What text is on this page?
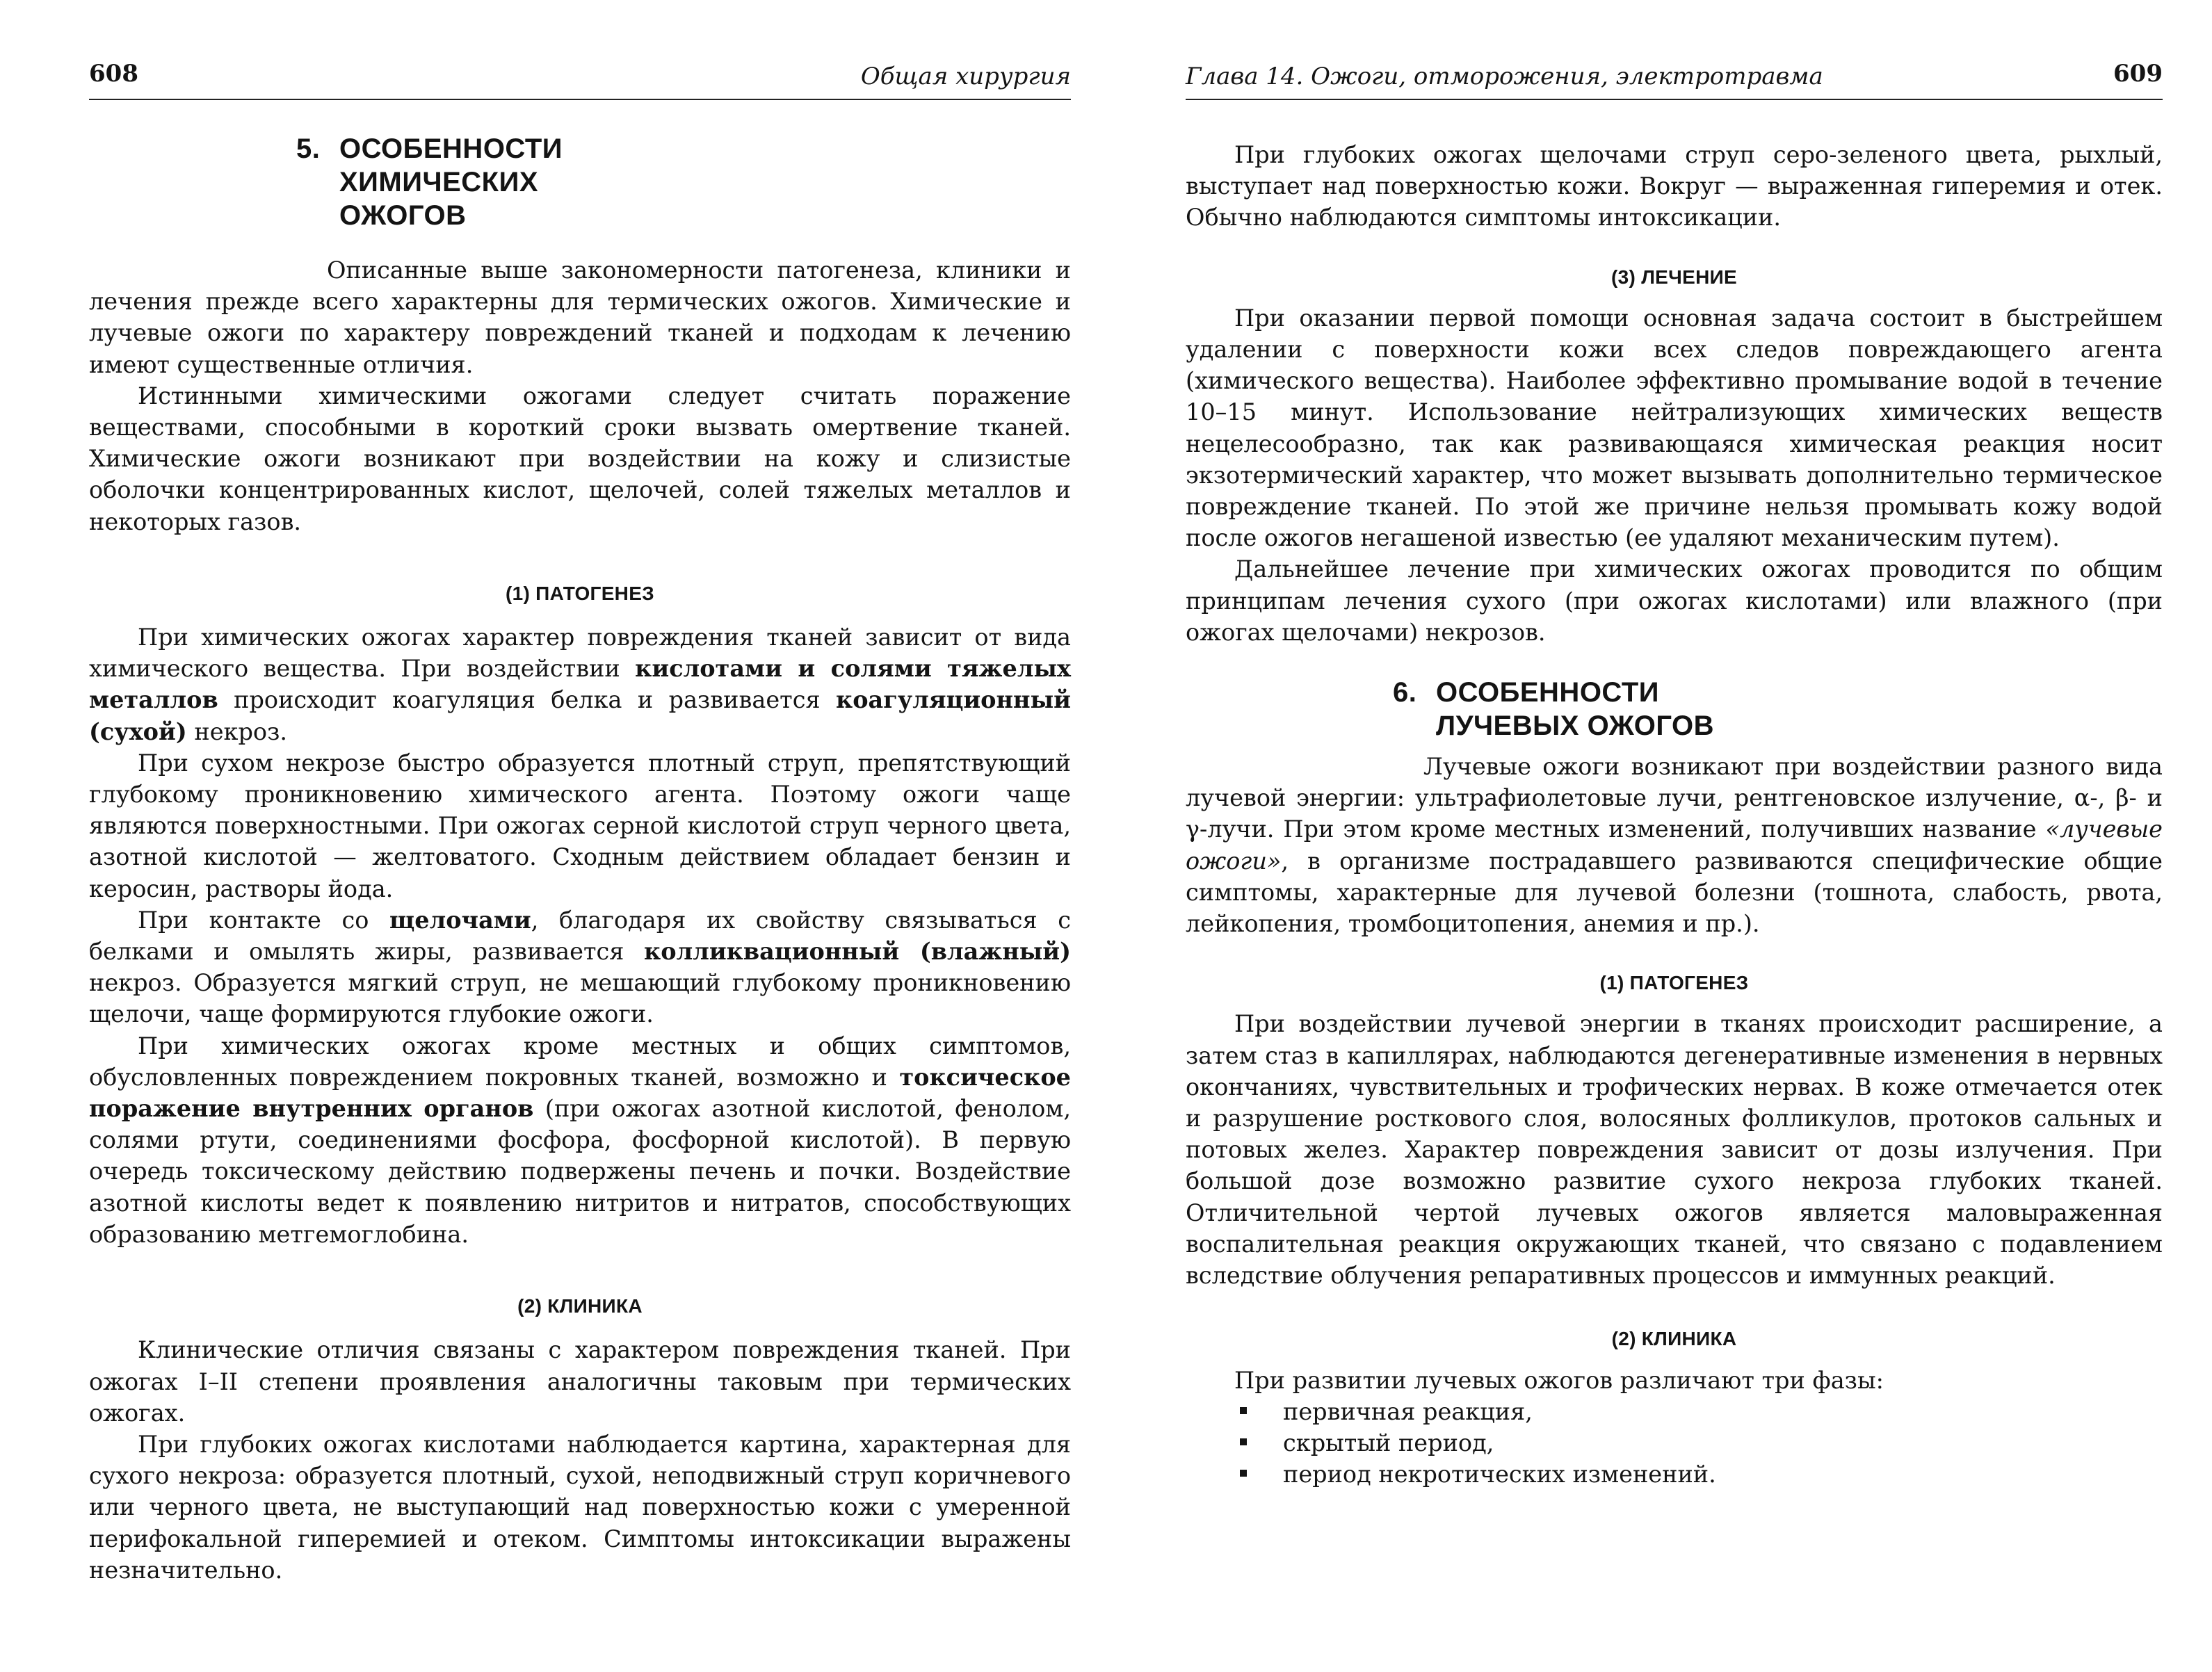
608	Общая хирургия
5. ОСОБЕННОСТИ
ХИМИЧЕСКИХ
ОЖОГОВ

Описанные выше закономерности патогенеза, клиники и лечения прежде всего характерны для термических ожогов. Химические и лучевые ожоги по характеру повреждений тканей и подходам к лечению имеют существенные отличия.

Истинными химическими ожогами следует считать поражение веществами, способными в короткий сроки вызвать омертвение тканей. Химические ожоги возникают при воздействии на кожу и слизистые оболочки концентрированных кислот, щелочей, солей тяжелых металлов и некоторых газов.

(1) ПАТОГЕНЕЗ

При химических ожогах характер повреждения тканей зависит от вида химического вещества. При воздействии кислотами и солями тяжелых металлов происходит коагуляция белка и развивается коагуляционный (сухой) некроз.

При сухом некрозе быстро образуется плотный струп, препятствующий глубокому проникновению химического агента. Поэтому ожоги чаще являются поверхностными. При ожогах серной кислотой струп черного цвета, азотной кислотой — желтоватого. Сходным действием обладает бензин и керосин, растворы йода.

При контакте со щелочами, благодаря их свойству связываться с белками и омылять жиры, развивается колликвационный (влажный) некроз. Образуется мягкий струп, не мешающий глубокому проникновению щелочи, чаще формируются глубокие ожоги.

При химических ожогах кроме местных и общих симптомов, обусловленных повреждением покровных тканей, возможно и токсическое поражение внутренних органов (при ожогах азотной кислотой, фенолом, солями ртути, соединениями фосфора, фосфорной кислотой). В первую очередь токсическому действию подвержены печень и почки. Воздействие азотной кислоты ведет к появлению нитритов и нитратов, способствующих образованию метгемоглобина.

(2) КЛИНИКА

Клинические отличия связаны с характером повреждения тканей. При ожогах I–II степени проявления аналогичны таковым при термических ожогах.

При глубоких ожогах кислотами наблюдается картина, характерная для сухого некроза: образуется плотный, сухой, неподвижный струп коричневого или черного цвета, не выступающий над поверхностью кожи с умеренной перифокальной гиперемией и отеком. Симптомы интоксикации выражены незначительно.

Глава 14. Ожоги, отморожения, электротравма	609

При глубоких ожогах щелочами струп серо-зеленого цвета, рыхлый, выступает над поверхностью кожи. Вокруг — выраженная гиперемия и отек. Обычно наблюдаются симптомы интоксикации.

(3) ЛЕЧЕНИЕ

При оказании первой помощи основная задача состоит в быстрейшем удалении с поверхности кожи всех следов повреждающего агента (химического вещества). Наиболее эффективно промывание водой в течение 10–15 минут. Использование нейтрализующих химических веществ нецелесообразно, так как развивающаяся химическая реакция носит экзотермический характер, что может вызывать дополнительно термическое повреждение тканей. По этой же причине нельзя промывать кожу водой после ожогов негашеной известью (ее удаляют механическим путем).

Дальнейшее лечение при химических ожогах проводится по общим принципам лечения сухого (при ожогах кислотами) или влажного (при ожогах щелочами) некрозов.

6. ОСОБЕННОСТИ
ЛУЧЕВЫХ ОЖОГОВ

Лучевые ожоги возникают при воздействии разного вида лучевой энергии: ультрафиолетовые лучи, рентгеновское излучение, α-, β- и γ-лучи. При этом кроме местных изменений, получивших название «лучевые ожоги», в организме пострадавшего развиваются специфические общие симптомы, характерные для лучевой болезни (тошнота, слабость, рвота, лейкопения, тромбоцитопения, анемия и пр.).

(1) ПАТОГЕНЕЗ

При воздействии лучевой энергии в тканях происходит расширение, а затем стаз в капиллярах, наблюдаются дегенеративные изменения в нервных окончаниях, чувствительных и трофических нервах. В коже отмечается отек и разрушение росткового слоя, волосяных фолликулов, протоков сальных и потовых желез. Характер повреждения зависит от дозы излучения. При большой дозе возможно развитие сухого некроза глубоких тканей. Отличительной чертой лучевых ожогов является маловыраженная воспалительная реакция окружающих тканей, что связано с подавлением вследствие облучения репаративных процессов и иммунных реакций.

(2) КЛИНИКА

При развитии лучевых ожогов различают три фазы:

первичная реакция,
скрытый период,
период некротических изменений.
